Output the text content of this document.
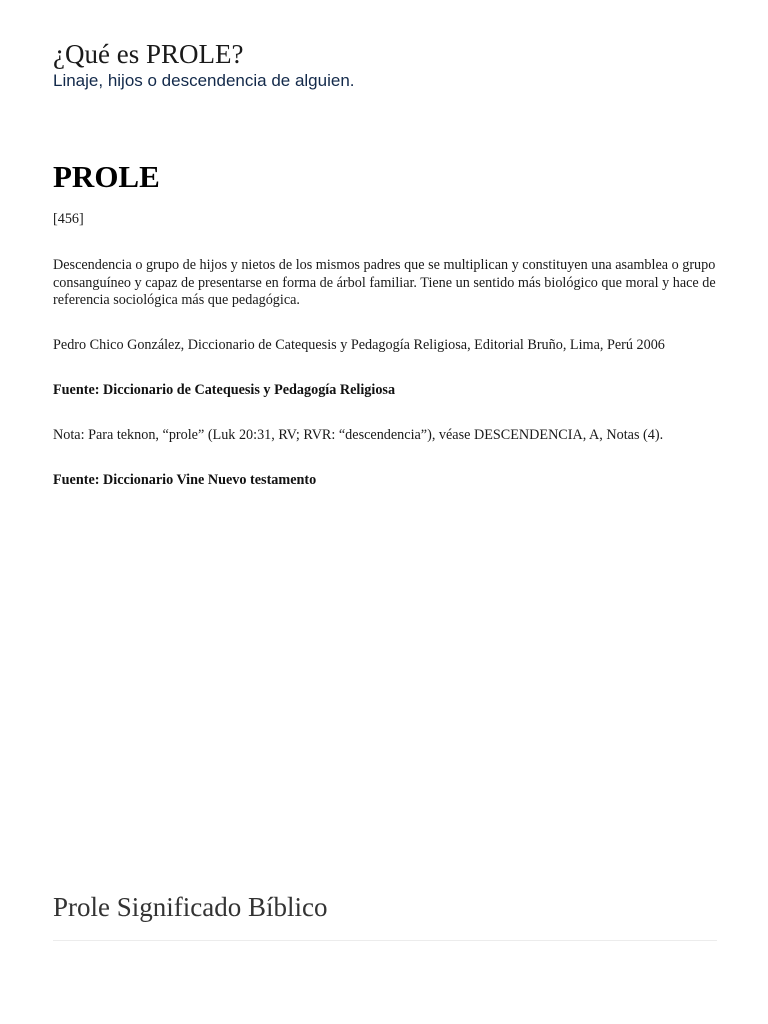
¿Qué es PROLE?

Linaje, hijos o descendencia de alguien.

PROLE

[456]

Descendencia o grupo de hijos y nietos de los mismos padres que se multiplican y constituyen una asamblea o grupo consanguíneo y capaz de presentarse en forma de árbol familiar. Tiene un sentido más biológico que moral y hace de referencia sociológica más que pedagógica.

Pedro Chico González, Diccionario de Catequesis y Pedagogía Religiosa, Editorial Bruño, Lima, Perú 2006

Fuente: Diccionario de Catequesis y Pedagogía Religiosa

Nota: Para teknon, “prole” (Luk 20:31, RV; RVR: “descendencia”), véase DESCENDENCIA, A, Notas (4).

Fuente: Diccionario Vine Nuevo testamento

Prole Significado Bíblico
